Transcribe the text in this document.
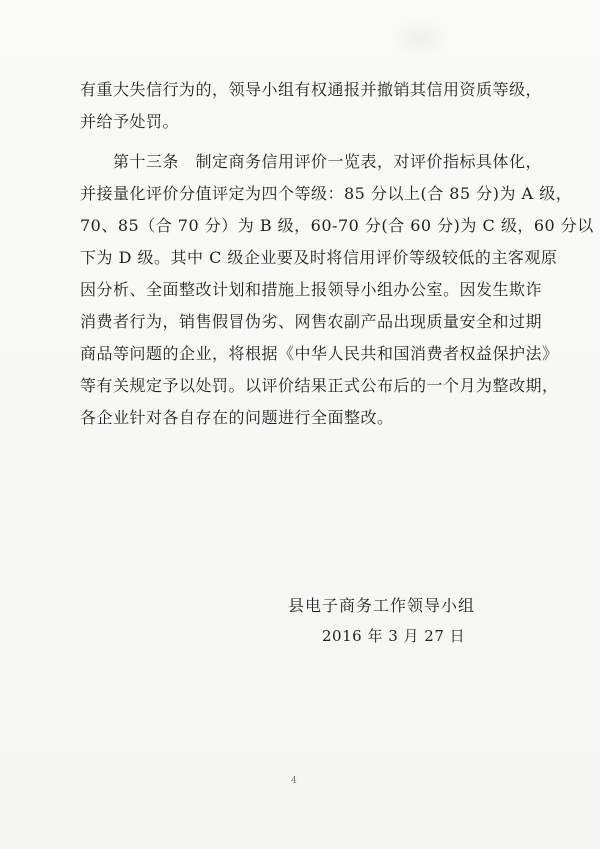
有重大失信行为的，领导小组有权通报并撤销其信用资质等级，
并给予处罚。
　　第十三条　制定商务信用评价一览表，对评价指标具体化，
并接量化评价分值评定为四个等级：85 分以上(合 85 分)为 A 级，
70、85（合 70 分）为 B 级，60-70 分(合 60 分)为 C 级，60 分以
下为 D 级。其中 C 级企业要及时将信用评价等级较低的主客观原
因分析、全面整改计划和措施上报领导小组办公室。因发生欺诈
消费者行为，销售假冒伪劣、网售农副产品出现质量安全和过期
商品等问题的企业，将根据《中华人民共和国消费者权益保护法》
等有关规定予以处罚。以评价结果正式公布后的一个月为整改期，
各企业针对各自存在的问题进行全面整改。
县电子商务工作领导小组
2016 年 3 月 27 日
4
